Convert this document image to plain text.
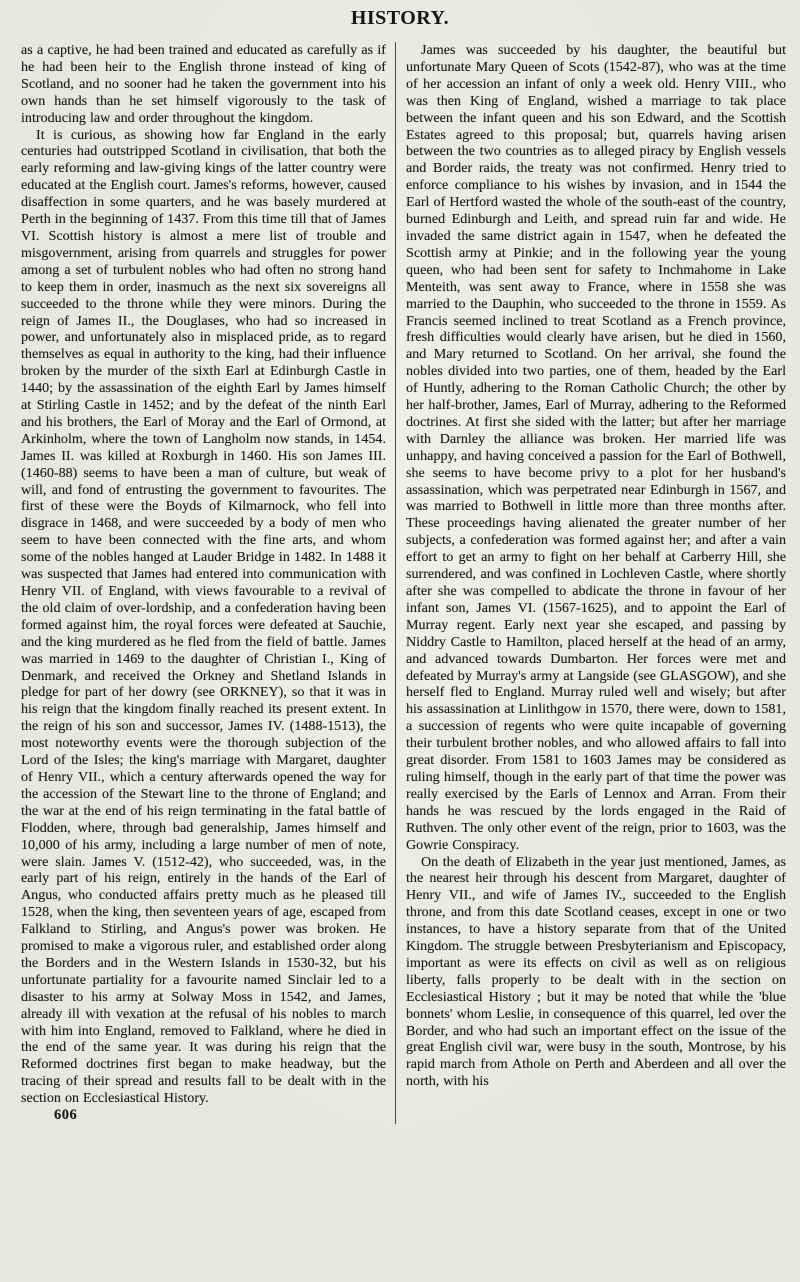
HISTORY.

as a captive, he had been trained and educated as carefully as if he had been heir to the English throne instead of king of Scotland, and no sooner had he taken the government into his own hands than he set himself vigorously to the task of introducing law and order throughout the kingdom.

It is curious, as showing how far England in the early centuries had outstripped Scotland in civilisation, that both the early reforming and law-giving kings of the latter country were educated at the English court. James's reforms, however, caused disaffection in some quarters, and he was basely murdered at Perth in the beginning of 1437. From this time till that of James VI. Scottish history is almost a mere list of trouble and misgovernment, arising from quarrels and struggles for power among a set of turbulent nobles who had often no strong hand to keep them in order, inasmuch as the next six sovereigns all succeeded to the throne while they were minors. During the reign of James II., the Douglases, who had so increased in power, and unfortunately also in misplaced pride, as to regard themselves as equal in authority to the king, had their influence broken by the murder of the sixth Earl at Edinburgh Castle in 1440; by the assassination of the eighth Earl by James himself at Stirling Castle in 1452; and by the defeat of the ninth Earl and his brothers, the Earl of Moray and the Earl of Ormond, at Arkinholm, where the town of Langholm now stands, in 1454. James II. was killed at Roxburgh in 1460. His son James III. (1460-88) seems to have been a man of culture, but weak of will, and fond of entrusting the government to favourites. The first of these were the Boyds of Kilmarnock, who fell into disgrace in 1468, and were succeeded by a body of men who seem to have been connected with the fine arts, and whom some of the nobles hanged at Lauder Bridge in 1482. In 1488 it was suspected that James had entered into communication with Henry VII. of England, with views favourable to a revival of the old claim of over-lordship, and a confederation having been formed against him, the royal forces were defeated at Sauchie, and the king murdered as he fled from the field of battle. James was married in 1469 to the daughter of Christian I., King of Denmark, and received the Orkney and Shetland Islands in pledge for part of her dowry (see ORKNEY), so that it was in his reign that the kingdom finally reached its present extent. In the reign of his son and successor, James IV. (1488-1513), the most noteworthy events were the thorough subjection of the Lord of the Isles; the king's marriage with Margaret, daughter of Henry VII., which a century afterwards opened the way for the accession of the Stewart line to the throne of England; and the war at the end of his reign terminating in the fatal battle of Flodden, where, through bad generalship, James himself and 10,000 of his army, including a large number of men of note, were slain. James V. (1512-42), who succeeded, was, in the early part of his reign, entirely in the hands of the Earl of Angus, who conducted affairs pretty much as he pleased till 1528, when the king, then seventeen years of age, escaped from Falkland to Stirling, and Angus's power was broken. He promised to make a vigorous ruler, and established order along the Borders and in the Western Islands in 1530-32, but his unfortunate partiality for a favourite named Sinclair led to a disaster to his army at Solway Moss in 1542, and James, already ill with vexation at the refusal of his nobles to march with him into England, removed to Falkland, where he died in the end of the same year. It was during his reign that the Reformed doctrines first began to make headway, but the tracing of their spread and results fall to be dealt with in the section on Ecclesiastical History.

606

James was succeeded by his daughter, the beautiful but unfortunate Mary Queen of Scots (1542-87), who was at the time of her accession an infant of only a week old. Henry VIII., who was then King of England, wished a marriage to tak place between the infant queen and his son Edward, and the Scottish Estates agreed to this proposal; but, quarrels having arisen between the two countries as to alleged piracy by English vessels and Border raids, the treaty was not confirmed. Henry tried to enforce compliance to his wishes by invasion, and in 1544 the Earl of Hertford wasted the whole of the south-east of the country, burned Edinburgh and Leith, and spread ruin far and wide. He invaded the same district again in 1547, when he defeated the Scottish army at Pinkie; and in the following year the young queen, who had been sent for safety to Inchmahome in Lake Menteith, was sent away to France, where in 1558 she was married to the Dauphin, who succeeded to the throne in 1559. As Francis seemed inclined to treat Scotland as a French province, fresh difficulties would clearly have arisen, but he died in 1560, and Mary returned to Scotland. On her arrival, she found the nobles divided into two parties, one of them, headed by the Earl of Huntly, adhering to the Roman Catholic Church; the other by her half-brother, James, Earl of Murray, adhering to the Reformed doctrines. At first she sided with the latter; but after her marriage with Darnley the alliance was broken. Her married life was unhappy, and having conceived a passion for the Earl of Bothwell, she seems to have become privy to a plot for her husband's assassination, which was perpetrated near Edinburgh in 1567, and was married to Bothwell in little more than three months after. These proceedings having alienated the greater number of her subjects, a confederation was formed against her; and after a vain effort to get an army to fight on her behalf at Carberry Hill, she surrendered, and was confined in Lochleven Castle, where shortly after she was compelled to abdicate the throne in favour of her infant son, James VI. (1567-1625), and to appoint the Earl of Murray regent. Early next year she escaped, and passing by Niddry Castle to Hamilton, placed herself at the head of an army, and advanced towards Dumbarton. Her forces were met and defeated by Murray's army at Langside (see GLASGOW), and she herself fled to England. Murray ruled well and wisely; but after his assassination at Linlithgow in 1570, there were, down to 1581, a succession of regents who were quite incapable of governing their turbulent brother nobles, and who allowed affairs to fall into great disorder. From 1581 to 1603 James may be considered as ruling himself, though in the early part of that time the power was really exercised by the Earls of Lennox and Arran. From their hands he was rescued by the lords engaged in the Raid of Ruthven. The only other event of the reign, prior to 1603, was the Gowrie Conspiracy.

On the death of Elizabeth in the year just mentioned, James, as the nearest heir through his descent from Margaret, daughter of Henry VII., and wife of James IV., succeeded to the English throne, and from this date Scotland ceases, except in one or two instances, to have a history separate from that of the United Kingdom. The struggle between Presbyterianism and Episcopacy, important as were its effects on civil as well as on religious liberty, falls properly to be dealt with in the section on Ecclesiastical History ; but it may be noted that while the 'blue bonnets' whom Leslie, in consequence of this quarrel, led over the Border, and who had such an important effect on the issue of the great English civil war, were busy in the south, Montrose, by his rapid march from Athole on Perth and Aberdeen and all over the north, with his
